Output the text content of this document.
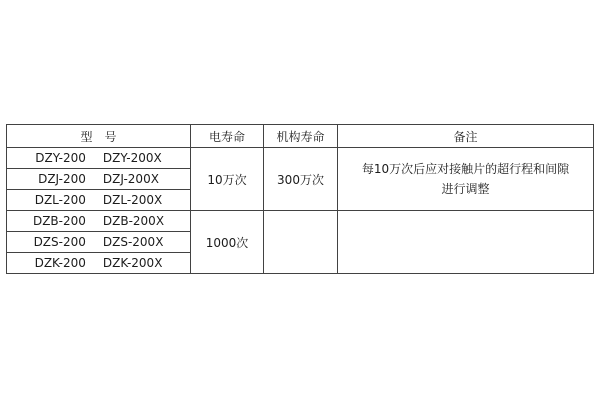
型　号	电寿命	机构寿命	备注
DZY-200 DZY-200X	10万次	300万次	每10万次后应对接触片的超行程和间隙
进行调整

DZJ-200 DZJ-200X			
DZL-200 DZL-200X			
DZB-200 DZB-200X	1000次		

DZS-200 DZS-200X			
DZK-200 DZK-200X			
